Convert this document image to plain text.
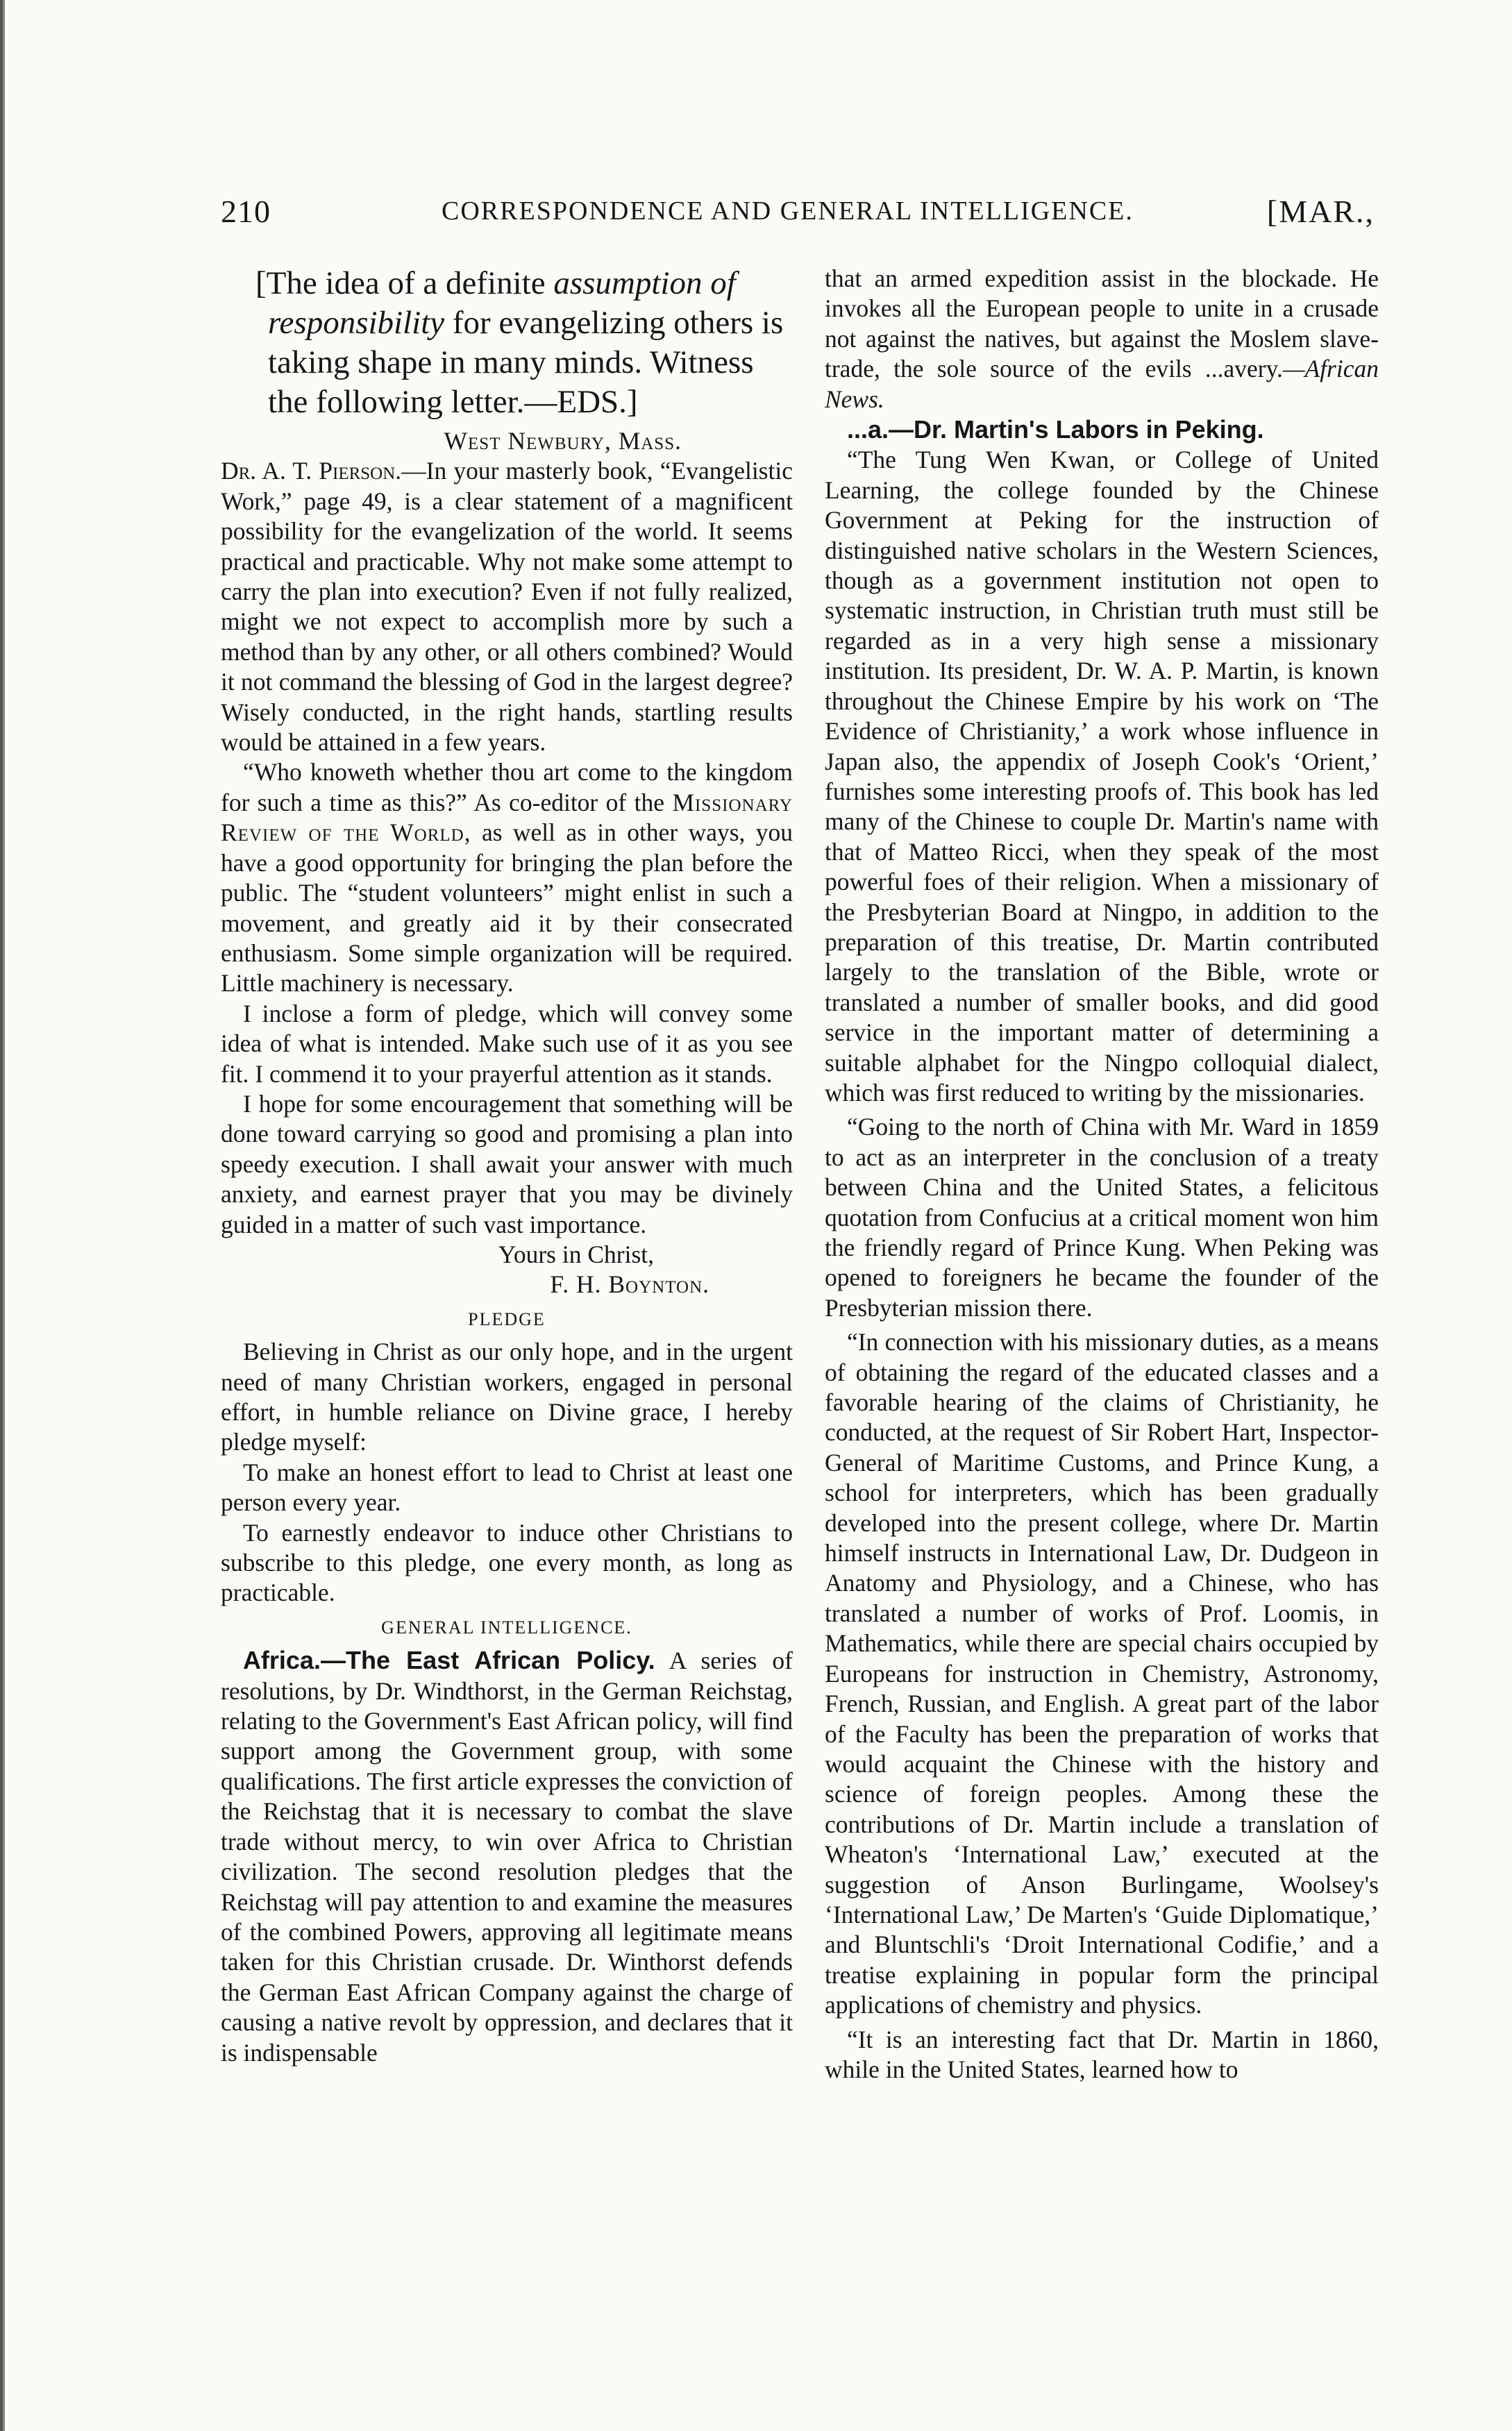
210	CORRESPONDENCE AND GENERAL INTELLIGENCE.	[MAR.,

[The idea of a definite assumption of responsibility for evangelizing others is taking shape in many minds. Witness the following letter.—EDS.]

West Newbury, Mass.

Dr. A. T. Pierson.—In your masterly book, “Evangelistic Work,” page 49, is a clear statement of a magnificent possibility for the evangelization of the world. It seems practical and practicable. Why not make some attempt to carry the plan into execution? Even if not fully realized, might we not expect to accomplish more by such a method than by any other, or all others combined? Would it not command the blessing of God in the largest degree? Wisely conducted, in the right hands, startling results would be attained in a few years.

“Who knoweth whether thou art come to the kingdom for such a time as this?” As co-editor of the Missionary Review of the World, as well as in other ways, you have a good opportunity for bringing the plan before the public. The “student volunteers” might enlist in such a movement, and greatly aid it by their consecrated enthusiasm. Some simple organization will be required. Little machinery is necessary.

I inclose a form of pledge, which will convey some idea of what is intended. Make such use of it as you see fit. I commend it to your prayerful attention as it stands.

I hope for some encouragement that something will be done toward carrying so good and promising a plan into speedy execution. I shall await your answer with much anxiety, and earnest prayer that you may be divinely guided in a matter of such vast importance.

Yours in Christ,

F. H. Boynton.

PLEDGE

Believing in Christ as our only hope, and in the urgent need of many Christian workers, engaged in personal effort, in humble reliance on Divine grace, I hereby pledge myself:

To make an honest effort to lead to Christ at least one person every year.

To earnestly endeavor to induce other Christians to subscribe to this pledge, one every month, as long as practicable.

GENERAL INTELLIGENCE.

Africa.—The East African Policy. A series of resolutions, by Dr. Windthorst, in the German Reichstag, relating to the Government's East African policy, will find support among the Government group, with some qualifications. The first article expresses the conviction of the Reichstag that it is necessary to combat the slave trade without mercy, to win over Africa to Christian civilization. The second resolution pledges that the Reichstag will pay attention to and examine the measures of the combined Powers, approving all legitimate means taken for this Christian crusade. Dr. Winthorst defends the German East African Company against the charge of causing a native revolt by oppression, and declares that it is indispensable

that an armed expedition assist in the blockade. He invokes all the European people to unite in a crusade not against the natives, but against the Moslem slave-trade, the sole source of the evils ...avery.—African News.

...a.—Dr. Martin's Labors in Peking.

“The Tung Wen Kwan, or College of United Learning, the college founded by the Chinese Government at Peking for the instruction of distinguished native scholars in the Western Sciences, though as a government institution not open to systematic instruction, in Christian truth must still be regarded as in a very high sense a missionary institution. Its president, Dr. W. A. P. Martin, is known throughout the Chinese Empire by his work on ‘The Evidence of Christianity,’ a work whose influence in Japan also, the appendix of Joseph Cook's ‘Orient,’ furnishes some interesting proofs of. This book has led many of the Chinese to couple Dr. Martin's name with that of Matteo Ricci, when they speak of the most powerful foes of their religion. When a missionary of the Presbyterian Board at Ningpo, in addition to the preparation of this treatise, Dr. Martin contributed largely to the translation of the Bible, wrote or translated a number of smaller books, and did good service in the important matter of determining a suitable alphabet for the Ningpo colloquial dialect, which was first reduced to writing by the missionaries.

“Going to the north of China with Mr. Ward in 1859 to act as an interpreter in the conclusion of a treaty between China and the United States, a felicitous quotation from Confucius at a critical moment won him the friendly regard of Prince Kung. When Peking was opened to foreigners he became the founder of the Presbyterian mission there.

“In connection with his missionary duties, as a means of obtaining the regard of the educated classes and a favorable hearing of the claims of Christianity, he conducted, at the request of Sir Robert Hart, Inspector-General of Maritime Customs, and Prince Kung, a school for interpreters, which has been gradually developed into the present college, where Dr. Martin himself instructs in International Law, Dr. Dudgeon in Anatomy and Physiology, and a Chinese, who has translated a number of works of Prof. Loomis, in Mathematics, while there are special chairs occupied by Europeans for instruction in Chemistry, Astronomy, French, Russian, and English. A great part of the labor of the Faculty has been the preparation of works that would acquaint the Chinese with the history and science of foreign peoples. Among these the contributions of Dr. Martin include a translation of Wheaton's ‘International Law,’ executed at the suggestion of Anson Burlingame, Woolsey's ‘International Law,’ De Marten's ‘Guide Diplomatique,’ and Bluntschli's ‘Droit International Codifie,’ and a treatise explaining in popular form the principal applications of chemistry and physics.

“It is an interesting fact that Dr. Martin in 1860, while in the United States, learned how to
